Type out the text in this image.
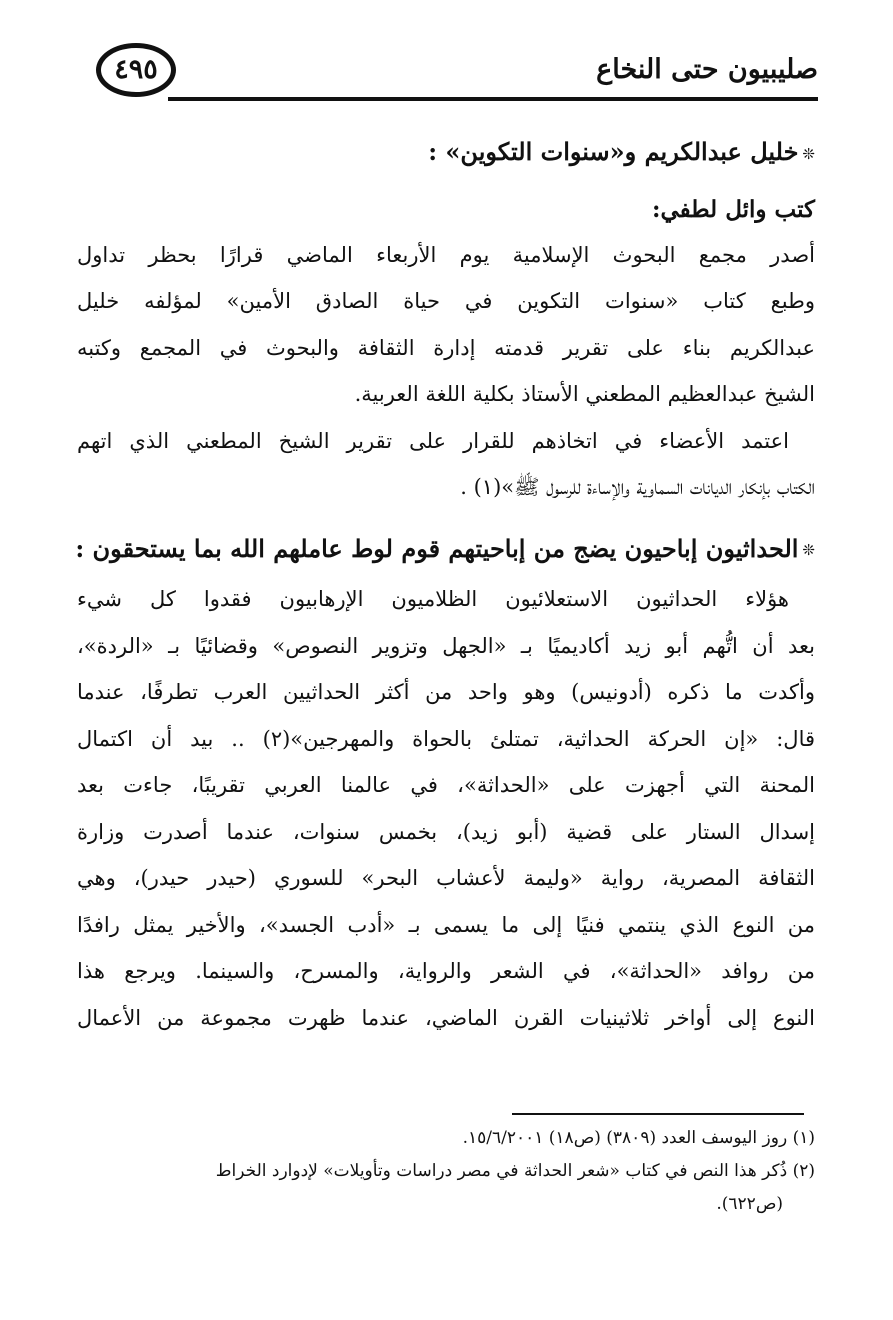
صليبيون حتى النخاع
٤٩٥
❊خليل عبدالكريم و«سنوات التكوين» :

كتب وائل لطفي:

أصدر مجمع البحوث الإسلامية يوم الأربعاء الماضي قرارًا بحظر تداول
وطبع كتاب «سنوات التكوين في حياة الصادق الأمين» لمؤلفه خليل
عبدالكريم بناء على تقرير قدمته إدارة الثقافة والبحوث في المجمع وكتبه
الشيخ عبدالعظيم المطعني الأستاذ بكلية اللغة العربية.

اعتمد الأعضاء في اتخاذهم للقرار على تقرير الشيخ المطعني الذي اتهم
الكتاب بإنكار الديانات السماوية والإساءة للرسول ﷺ»(١) .

❊الحداثيون إباحيون يضج من إباحيتهم قوم لوط عاملهم الله بما يستحقون :

هؤلاء الحداثيون الاستعلائيون الظلاميون الإرهابيون فقدوا كل شيء
بعد أن اتُّهم أبو زيد أكاديميًا بـ «الجهل وتزوير النصوص» وقضائيًا بـ «الردة»،
وأكدت ما ذكره (أدونيس) وهو واحد من أكثر الحداثيين العرب تطرفًا، عندما
قال: «إن الحركة الحداثية، تمتلئ بالحواة والمهرجين»(٢) .. بيد أن اكتمال
المحنة التي أجهزت على «الحداثة»، في عالمنا العربي تقريبًا، جاءت بعد
إسدال الستار على قضية (أبو زيد)، بخمس سنوات، عندما أصدرت وزارة
الثقافة المصرية، رواية «وليمة لأعشاب البحر» للسوري (حيدر حيدر)، وهي
من النوع الذي ينتمي فنيًا إلى ما يسمى بـ «أدب الجسد»، والأخير يمثل رافدًا
من روافد «الحداثة»، في الشعر والرواية، والمسرح، والسينما. ويرجع هذا
النوع إلى أواخر ثلاثينيات القرن الماضي، عندما ظهرت مجموعة من الأعمال

(١) روز اليوسف العدد (٣٨٠٩) (ص١٨) ١٥/٦/٢٠٠١.
(٢) ذُكر هذا النص في كتاب «شعر الحداثة في مصر دراسات وتأويلات» لإدوارد الخراط
(ص٦٢٢).
